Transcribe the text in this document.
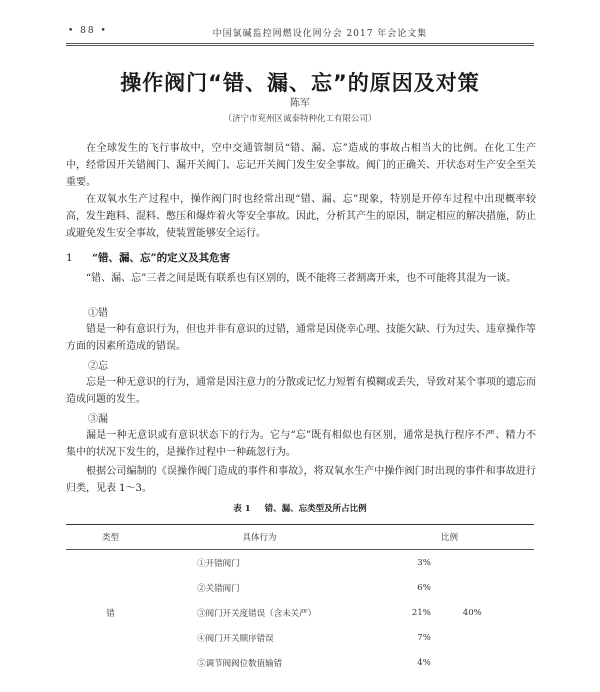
• 88 •	中国氯碱监控网燃设化网分会 2017 年会论文集
操作阀门“错、漏、忘”的原因及对策
陈军
（济宁市兖州区诚泰特种化工有限公司）

在全球发生的飞行事故中，空中交通管制员“错、漏、忘”造成的事故占相当大的比例。在化工生产中，经常因开关错阀门、漏开关阀门、忘记开关阀门发生安全事故。阀门的正确关、开状态对生产安全至关重要。

在双氧水生产过程中，操作阀门时也经常出现“错、漏、忘”现象，特别是开停车过程中出现概率较高，发生跑料、混料、憋压和爆炸着火等安全事故。因此，分析其产生的原因，制定相应的解决措施，防止或避免发生安全事故，使装置能够安全运行。

1 “错、漏、忘”的定义及其危害

“错、漏、忘”三者之间是既有联系也有区别的，既不能将三者割离开来，也不可能将其混为一谈。

①错

错是一种有意识行为，但也并非有意识的过错，通常是因侥幸心理、技能欠缺、行为过失、违章操作等方面的因素所造成的错误。

②忘

忘是一种无意识的行为，通常是因注意力的分散或记忆力短暂有模糊或丢失，导致对某个事项的遗忘而造成问题的发生。

③漏

漏是一种无意识或有意识状态下的行为。它与“忘”既有相似也有区别，通常是执行程序不严、精力不集中的状况下发生的，是操作过程中一种疏忽行为。

根据公司编制的《误操作阀门造成的事件和事故》，将双氧水生产中操作阀门时出现的事件和事故进行归类，见表 1～3。

表 1 错、漏、忘类型及所占比例
类型	具体行为	比例	
错	①开错阀门	3%	40%
	②关错阀门	6%	
	③阀门开关度错误（含未关严）	21%	
	④阀门开关顺序错误	7%	
	⑤调节阀阀位数值输错	4%	
